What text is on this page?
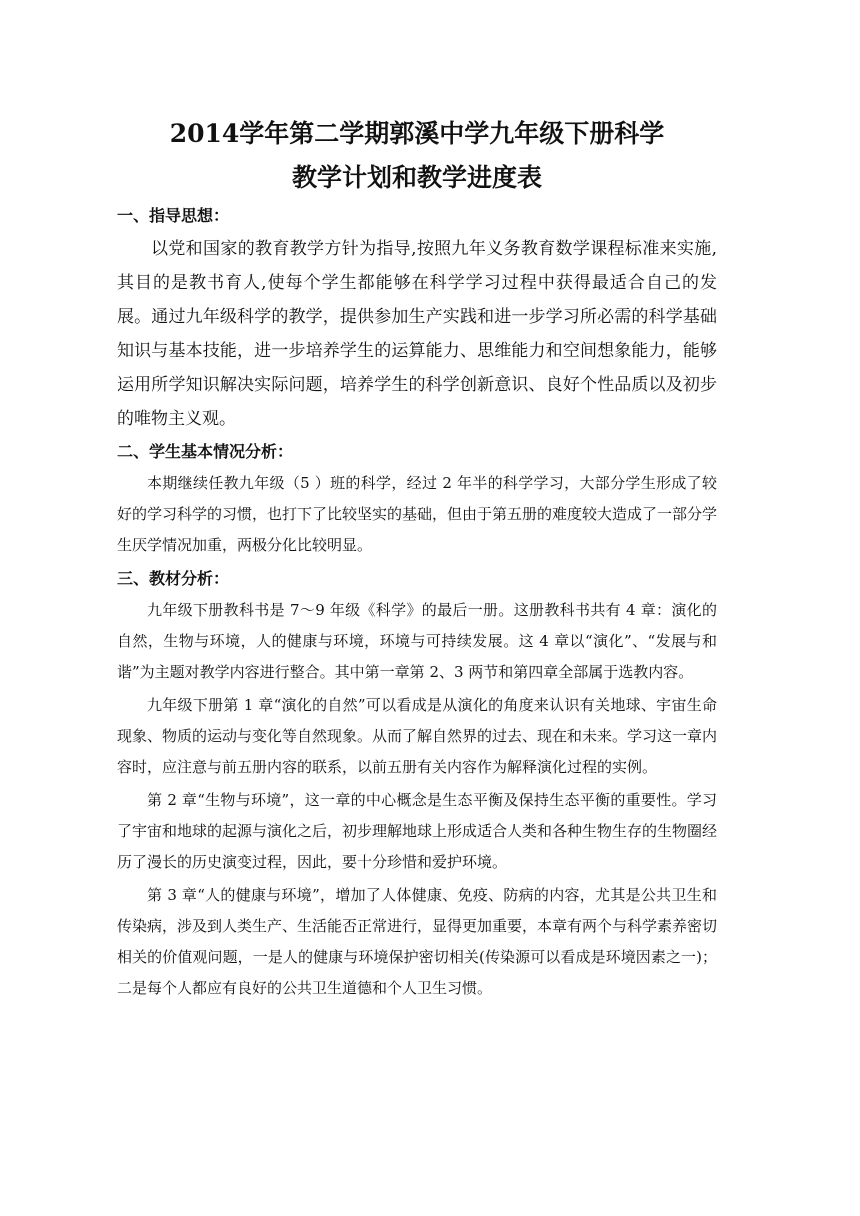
2014学年第二学期郭溪中学九年级下册科学
教学计划和教学进度表

一、指导思想：

以党和国家的教育教学方针为指导,按照九年义务教育数学课程标准来实施,其目的是教书育人,使每个学生都能够在科学学习过程中获得最适合自己的发展。通过九年级科学的教学，提供参加生产实践和进一步学习所必需的科学基础知识与基本技能，进一步培养学生的运算能力、思维能力和空间想象能力，能够运用所学知识解决实际问题，培养学生的科学创新意识、良好个性品质以及初步的唯物主义观。

二、学生基本情况分析：

本期继续任教九年级（5 ）班的科学，经过 2 年半的科学学习，大部分学生形成了较好的学习科学的习惯，也打下了比较坚实的基础，但由于第五册的难度较大造成了一部分学生厌学情况加重，两极分化比较明显。

三、教材分析：

九年级下册教科书是 7～9 年级《科学》的最后一册。这册教科书共有 4 章：演化的自然，生物与环境，人的健康与环境，环境与可持续发展。这 4 章以“演化”、“发展与和谐”为主题对教学内容进行整合。其中第一章第 2、3 两节和第四章全部属于选教内容。

九年级下册第 1 章“演化的自然”可以看成是从演化的角度来认识有关地球、宇宙生命现象、物质的运动与变化等自然现象。从而了解自然界的过去、现在和未来。学习这一章内容时，应注意与前五册内容的联系，以前五册有关内容作为解释演化过程的实例。

第 2 章“生物与环境”，这一章的中心概念是生态平衡及保持生态平衡的重要性。学习了宇宙和地球的起源与演化之后，初步理解地球上形成适合人类和各种生物生存的生物圈经历了漫长的历史演变过程，因此，要十分珍惜和爱护环境。

第 3 章“人的健康与环境”，增加了人体健康、免疫、防病的内容，尤其是公共卫生和传染病，涉及到人类生产、生活能否正常进行，显得更加重要，本章有两个与科学素养密切相关的价值观问题，一是人的健康与环境保护密切相关(传染源可以看成是环境因素之一)；二是每个人都应有良好的公共卫生道德和个人卫生习惯。
